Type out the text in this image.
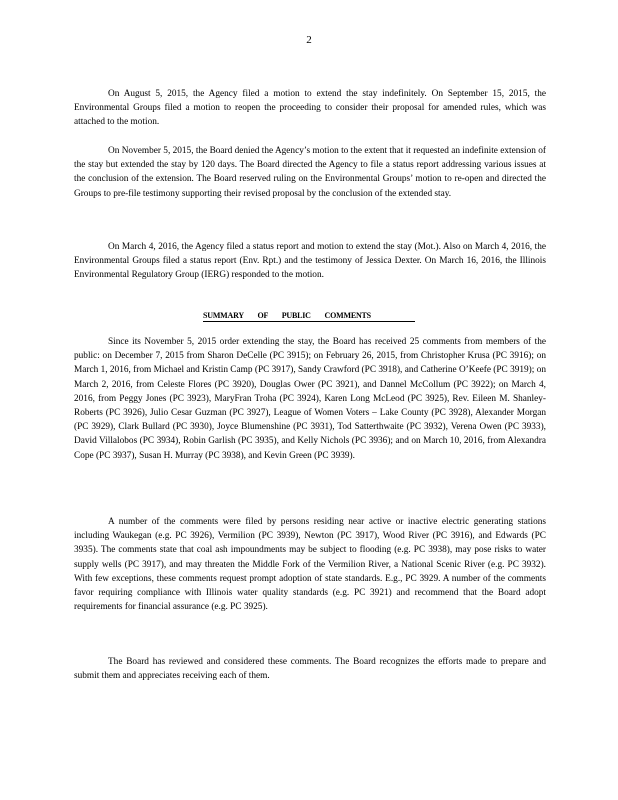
2

On August 5, 2015, the Agency filed a motion to extend the stay indefinitely. On September 15, 2015, the Environmental Groups filed a motion to reopen the proceeding to consider their proposal for amended rules, which was attached to the motion.

On November 5, 2015, the Board denied the Agency’s motion to the extent that it requested an indefinite extension of the stay but extended the stay by 120 days. The Board directed the Agency to file a status report addressing various issues at the conclusion of the extension. The Board reserved ruling on the Environmental Groups’ motion to re-open and directed the Groups to pre-file testimony supporting their revised proposal by the conclusion of the extended stay.

On March 4, 2016, the Agency filed a status report and motion to extend the stay (Mot.). Also on March 4, 2016, the Environmental Groups filed a status report (Env. Rpt.) and the testimony of Jessica Dexter. On March 16, 2016, the Illinois Environmental Regulatory Group (IERG) responded to the motion.

SUMMARY OF PUBLIC COMMENTS

Since its November 5, 2015 order extending the stay, the Board has received 25 comments from members of the public: on December 7, 2015 from Sharon DeCelle (PC 3915); on February 26, 2015, from Christopher Krusa (PC 3916); on March 1, 2016, from Michael and Kristin Camp (PC 3917), Sandy Crawford (PC 3918), and Catherine O’Keefe (PC 3919); on March 2, 2016, from Celeste Flores (PC 3920), Douglas Ower (PC 3921), and Dannel McCollum (PC 3922); on March 4, 2016, from Peggy Jones (PC 3923), MaryFran Troha (PC 3924), Karen Long McLeod (PC 3925), Rev. Eileen M. Shanley-Roberts (PC 3926), Julio Cesar Guzman (PC 3927), League of Women Voters – Lake County (PC 3928), Alexander Morgan (PC 3929), Clark Bullard (PC 3930), Joyce Blumenshine (PC 3931), Tod Satterthwaite (PC 3932), Verena Owen (PC 3933), David Villalobos (PC 3934), Robin Garlish (PC 3935), and Kelly Nichols (PC 3936); and on March 10, 2016, from Alexandra Cope (PC 3937), Susan H. Murray (PC 3938), and Kevin Green (PC 3939).

A number of the comments were filed by persons residing near active or inactive electric generating stations including Waukegan (e.g. PC 3926), Vermilion (PC 3939), Newton (PC 3917), Wood River (PC 3916), and Edwards (PC 3935). The comments state that coal ash impoundments may be subject to flooding (e.g. PC 3938), may pose risks to water supply wells (PC 3917), and may threaten the Middle Fork of the Vermilion River, a National Scenic River (e.g. PC 3932). With few exceptions, these comments request prompt adoption of state standards. E.g., PC 3929. A number of the comments favor requiring compliance with Illinois water quality standards (e.g. PC 3921) and recommend that the Board adopt requirements for financial assurance (e.g. PC 3925).

The Board has reviewed and considered these comments. The Board recognizes the efforts made to prepare and submit them and appreciates receiving each of them.
